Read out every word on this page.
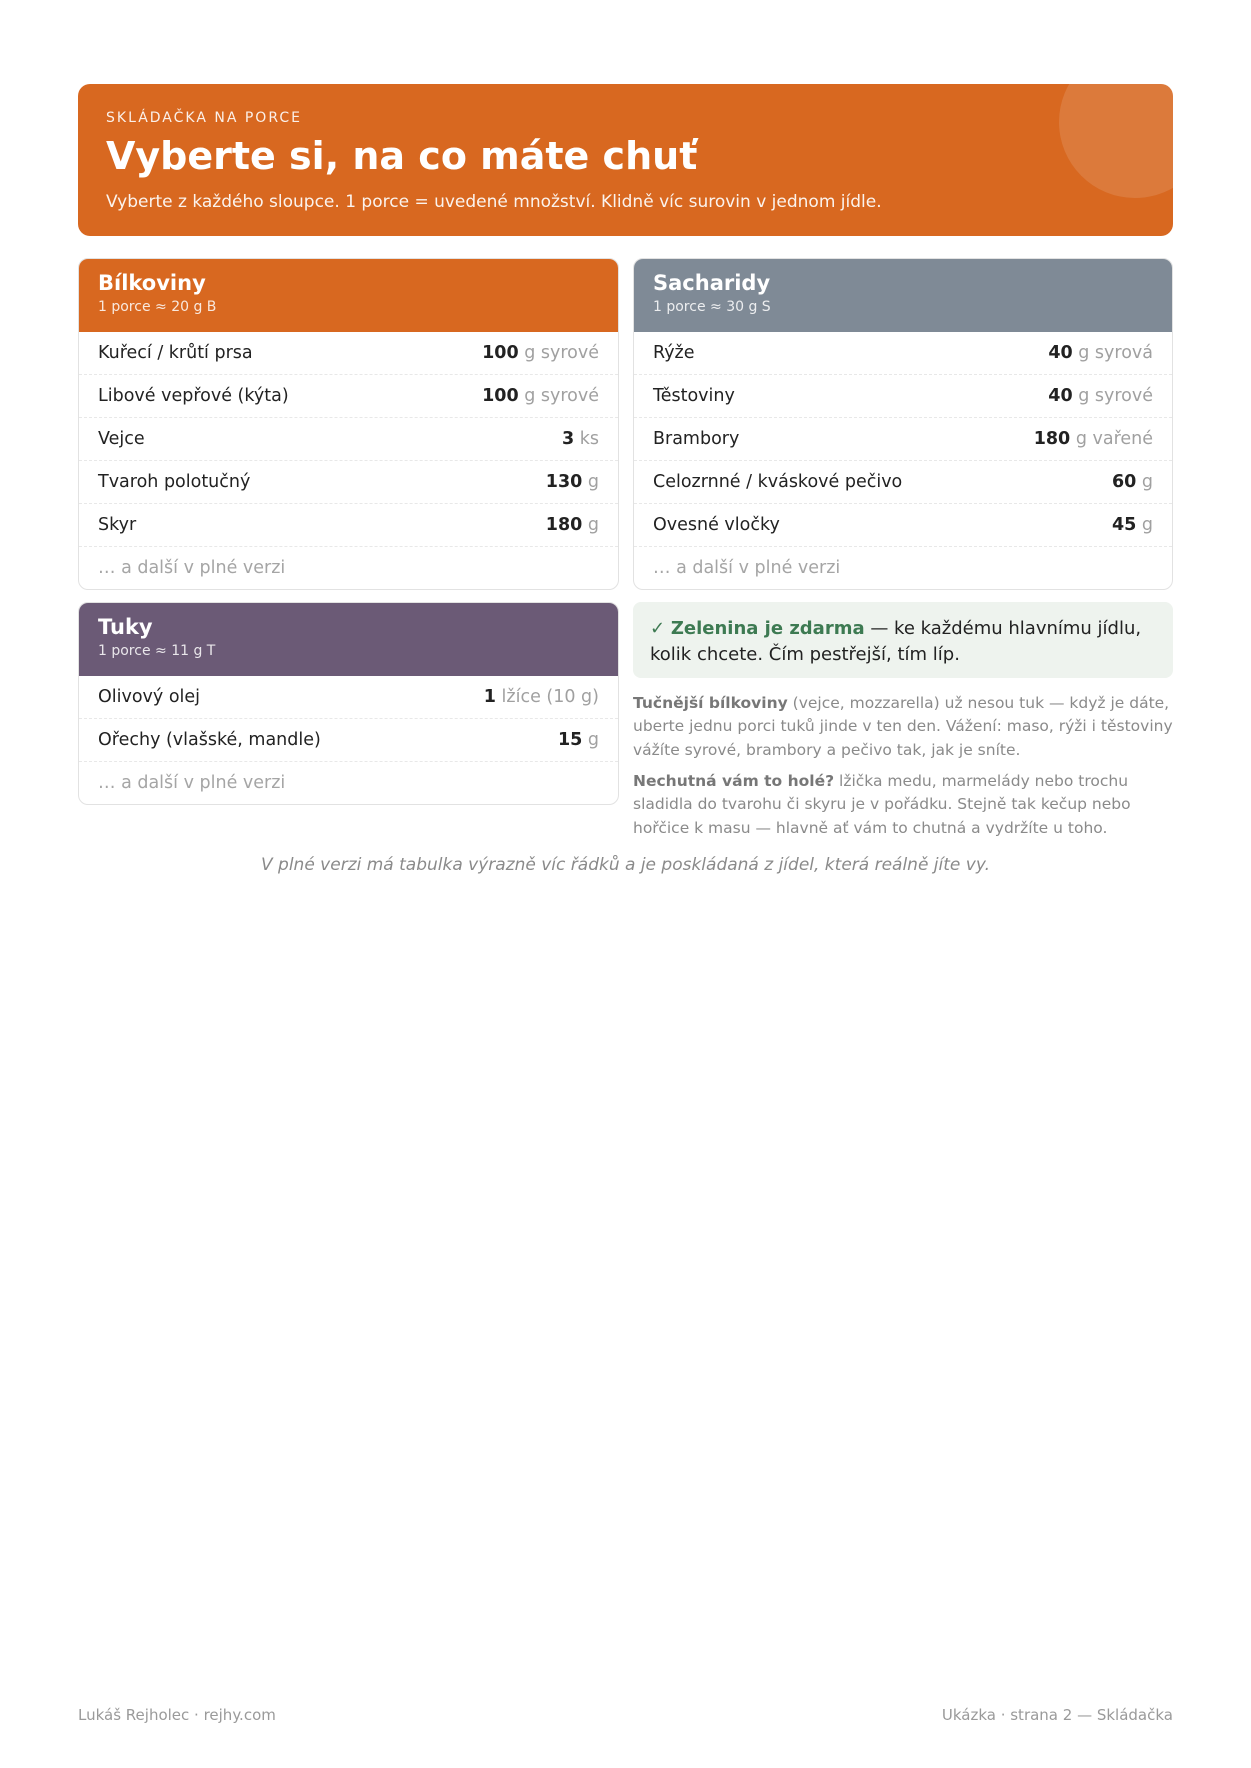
SKLÁDAČKA NA PORCE
Vyberte si, na co máte chuť
Vyberte z každého sloupce. 1 porce = uvedené množství. Klidně víc surovin v jednom jídle.
Bílkoviny
1 porce ≈ 20 g B
Kuřecí / krůtí prsa	100 g syrové
Libové vepřové (kýta)	100 g syrové
Vejce	3 ks
Tvaroh polotučný	130 g
Skyr	180 g
… a další v plné verzi
Sacharidy
1 porce ≈ 30 g S
Rýže	40 g syrová
Těstoviny	40 g syrové
Brambory	180 g vařené
Celozrnné / kváskové pečivo	60 g
Ovesné vločky	45 g
… a další v plné verzi
Tuky
1 porce ≈ 11 g T
Olivový olej	1 lžíce (10 g)
Ořechy (vlašské, mandle)	15 g
… a další v plné verzi
✓ Zelenina je zdarma — ke každému hlavnímu jídlu, kolik chcete. Čím pestřejší, tím líp.
Tučnější bílkoviny (vejce, mozzarella) už nesou tuk — když je dáte, uberte jednu porci tuků jinde v ten den. Vážení: maso, rýži i těstoviny vážíte syrové, brambory a pečivo tak, jak je sníte.
Nechutná vám to holé? lžička medu, marmelády nebo trochu sladidla do tvarohu či skyru je v pořádku. Stejně tak kečup nebo hořčice k masu — hlavně ať vám to chutná a vydržíte u toho.
V plné verzi má tabulka výrazně víc řádků a je poskládaná z jídel, která reálně jíte vy.
Lukáš Rejholec · rejhy.com	Ukázka · strana 2 — Skládačka
